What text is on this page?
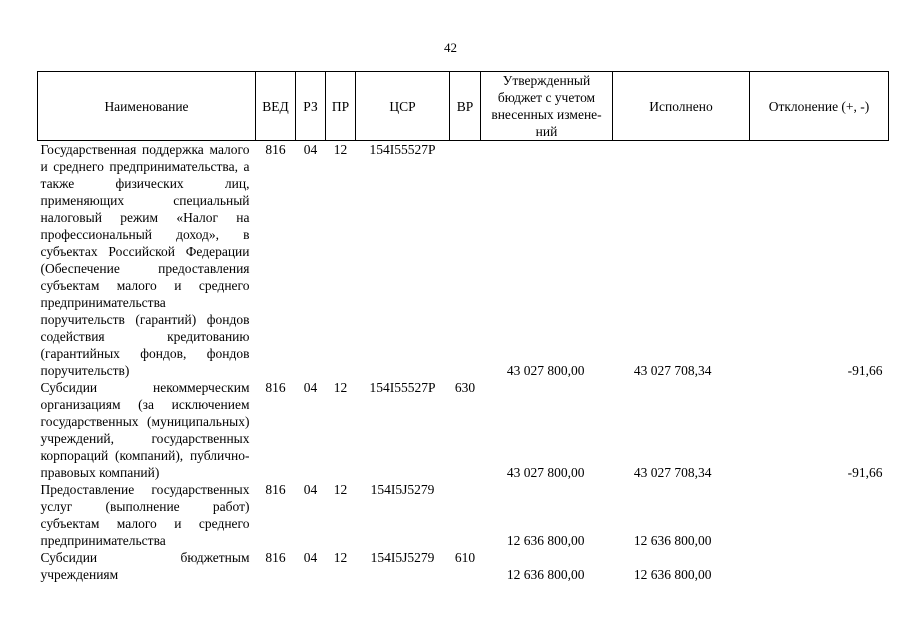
42
Наименование	ВЕД	РЗ	ПР	ЦСР	ВР	Утвержденный бюджет с учетом внесенных измене-ний	Исполнено	Отклонение (+, -)
Государственная поддержка малого и среднего предпринимательства, а также физических лиц, применяющих специальный налоговый режим «Налог на профессиональный доход», в субъектах Российской Федерации (Обеспечение предоставления субъектам малого и среднего предпринимательства поручительств (гарантий) фондов содействия кредитованию (гарантийных фондов, фондов поручительств)	816	04	12	154I55527P		43 027 800,00	43 027 708,34	-91,66
Субсидии некоммерческим организациям (за исключением государственных (муниципальных) учреждений, государственных корпораций (компаний), публично-правовых компаний)	816	04	12	154I55527P	630	43 027 800,00	43 027 708,34	-91,66
Предоставление государственных услуг (выполнение работ) субъектам малого и среднего предпринимательства	816	04	12	154I5J5279		12 636 800,00	12 636 800,00	
Субсидии бюджетным учреждениям	816	04	12	154I5J5279	610	12 636 800,00	12 636 800,00	
